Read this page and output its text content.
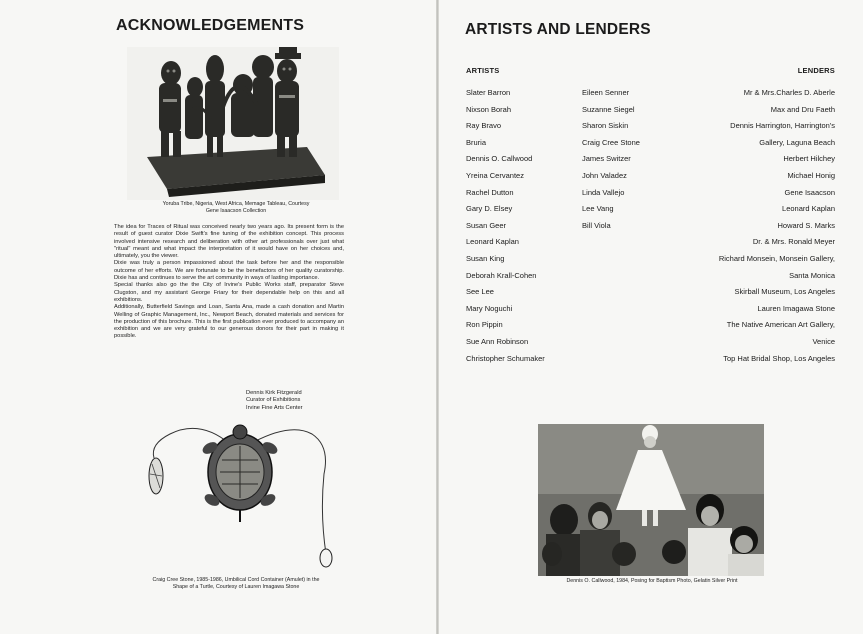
ACKNOWLEDGEMENTS
Yoruba Tribe, Nigeria, West Africa, Memage Tableau, Courtesy
Gene Isaacson Collection

The idea for Traces of Ritual was conceived nearly two years ago. Its present form is the result of guest curator Dixie Swift's fine tuning of the exhibition concept. This process involved intensive research and deliberation with other art professionals over just what "ritual" meant and what impact the interpretation of it would have on her choices and, ultimately, you the viewer.

Dixie was truly a person impassioned about the task before her and the responsible outcome of her efforts. We are fortunate to be the benefactors of her quality curatorship. Dixie has and continues to serve the art community in ways of lasting importance.

Special thanks also go the the City of Irvine's Public Works staff, preparator Steve Clugston, and my assistant George Friary for their dependable help on this and all exhibitions.

Additionally, Butterfield Savings and Loan, Santa Ana, made a cash donation and Martin Welling of Graphic Management, Inc., Newport Beach, donated materials and services for the production of this brochure. This is the first publication ever produced to accompany an exhibition and we are very grateful to our generous donors for their part in making it possible.

Dennis Kirk Fitzgerald
Curator of Exhibitions
Irvine Fine Arts Center
Craig Cree Stone, 1985-1986, Umbilical Cord Container (Amulet) in the
Shape of a Turtle, Courtesy of Lauren Imagawa Stone
ARTISTS AND LENDERS
ARTISTS	LENDERS
Slater Barron
Nixson Borah
Ray Bravo
Bruria
Dennis O. Callwood
Yreina Cervantez
Rachel Dutton
Gary D. Elsey
Susan Geer
Leonard Kaplan
Susan King
Deborah Krall-Cohen
See Lee
Mary Noguchi
Ron Pippin
Sue Ann Robinson
Christopher Schumaker
Eileen Senner
Suzanne Siegel
Sharon Siskin
Craig Cree Stone
James Switzer
John Valadez
Linda Vallejo
Lee Vang
Bill Viola
Mr & Mrs.Charles D. Aberle
Max and Dru Faeth
Dennis Harrington, Harrington's
Gallery, Laguna Beach
Herbert Hilchey
Michael Honig
Gene Isaacson
Leonard Kaplan
Howard S. Marks
Dr. & Mrs. Ronald Meyer
Richard Monsein, Monsein Gallery,
Santa Monica
Skirball Museum, Los Angeles
Lauren Imagawa Stone
The Native American Art Gallery,
Venice
Top Hat Bridal Shop, Los Angeles
Dennis O. Callwood, 1984, Posing for Baptism Photo, Gelatin Silver Print
